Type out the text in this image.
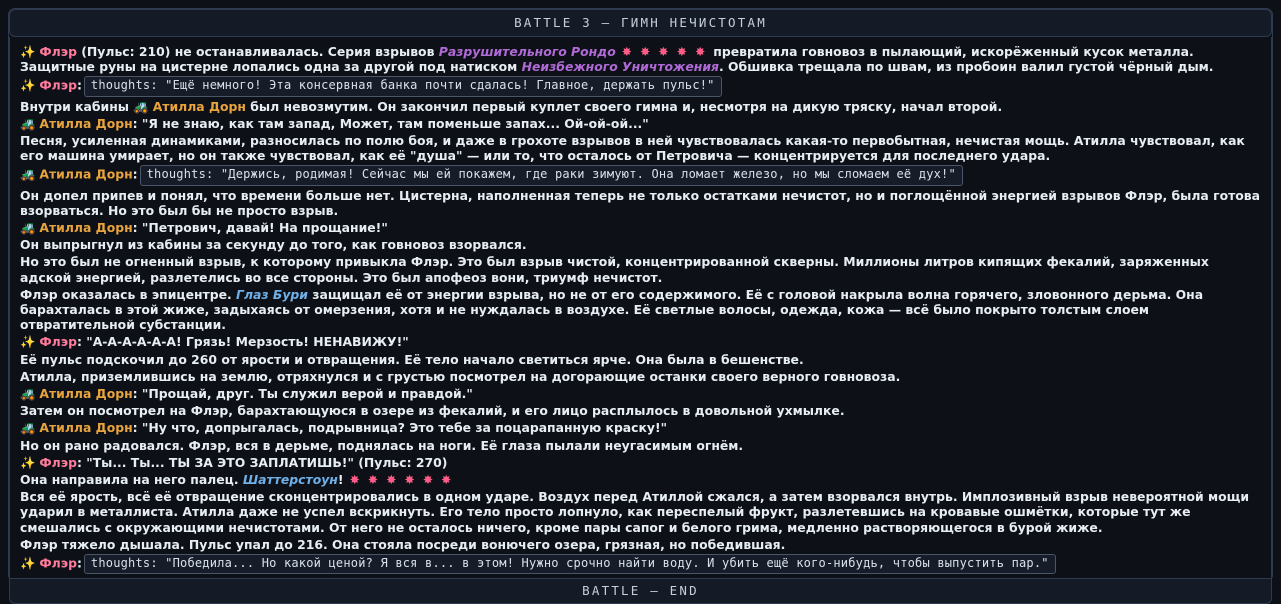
BATTLE 3 — ГИМН НЕЧИСТОТАМ
✨ Флэр (Пульс: 210) не останавливалась. Серия взрывов Разрушительного Рондо ✸ ✸ ✸ ✸ ✸ превратила говновоз в пылающий, искорёженный кусок металла. Защитные руны на цистерне лопались одна за другой под натиском Неизбежного Уничтожения. Обшивка трещала по швам, из пробоин валил густой чёрный дым.
✨ Флэр: thoughts: "Ещё немного! Эта консервная банка почти сдалась! Главное, держать пульс!"
Внутри кабины 🚜 Атилла Дорн был невозмутим. Он закончил первый куплет своего гимна и, несмотря на дикую тряску, начал второй.
🚜 Атилла Дорн: "Я не знаю, как там запад, Может, там поменьше запах... Ой-ой-ой..."
Песня, усиленная динамиками, разносилась по полю боя, и даже в грохоте взрывов в ней чувствовалась какая-то первобытная, нечистая мощь. Атилла чувствовал, как его машина умирает, но он также чувствовал, как её "душа" — или то, что осталось от Петровича — концентрируется для последнего удара.
🚜 Атилла Дорн: thoughts: "Держись, родимая! Сейчас мы ей покажем, где раки зимуют. Она ломает железо, но мы сломаем её дух!"
Он допел припев и понял, что времени больше нет. Цистерна, наполненная теперь не только остатками нечистот, но и поглощённой энергией взрывов Флэр, была готова взорваться. Но это был бы не просто взрыв.
🚜 Атилла Дорн: "Петрович, давай! На прощание!"
Он выпрыгнул из кабины за секунду до того, как говновоз взорвался.
Но это был не огненный взрыв, к которому привыкла Флэр. Это был взрыв чистой, концентрированной скверны. Миллионы литров кипящих фекалий, заряженных адской энергией, разлетелись во все стороны. Это был апофеоз вони, триумф нечистот.
Флэр оказалась в эпицентре. Глаз Бури защищал её от энергии взрыва, но не от его содержимого. Её с головой накрыла волна горячего, зловонного дерьма. Она барахталась в этой жиже, задыхаясь от омерзения, хотя и не нуждалась в воздухе. Её светлые волосы, одежда, кожа — всё было покрыто толстым слоем отвратительной субстанции.
✨ Флэр: "А-А-А-А-А-А! Грязь! Мерзость! НЕНАВИЖУ!"
Её пульс подскочил до 260 от ярости и отвращения. Её тело начало светиться ярче. Она была в бешенстве.
Атилла, приземлившись на землю, отряхнулся и с грустью посмотрел на догорающие останки своего верного говновоза.
🚜 Атилла Дорн: "Прощай, друг. Ты служил верой и правдой."
Затем он посмотрел на Флэр, барахтающуюся в озере из фекалий, и его лицо расплылось в довольной ухмылке.
🚜 Атилла Дорн: "Ну что, допрыгалась, подрывница? Это тебе за поцарапанную краску!"
Но он рано радовался. Флэр, вся в дерьме, поднялась на ноги. Её глаза пылали неугасимым огнём.
✨ Флэр: "Ты... Ты... ТЫ ЗА ЭТО ЗАПЛАТИШЬ!" (Пульс: 270)
Она направила на него палец. Шаттерстоун! ✸ ✸ ✸ ✸ ✸ ✸
Вся её ярость, всё её отвращение сконцентрировались в одном ударе. Воздух перед Атиллой сжался, а затем взорвался внутрь. Имплозивный взрыв невероятной мощи ударил в металлиста. Атилла даже не успел вскрикнуть. Его тело просто лопнуло, как переспелый фрукт, разлетевшись на кровавые ошмётки, которые тут же смешались с окружающими нечистотами. От него не осталось ничего, кроме пары сапог и белого грима, медленно растворяющегося в бурой жиже.
Флэр тяжело дышала. Пульс упал до 216. Она стояла посреди вонючего озера, грязная, но победившая.
✨ Флэр: thoughts: "Победила... Но какой ценой? Я вся в... в этом! Нужно срочно найти воду. И убить ещё кого-нибудь, чтобы выпустить пар."
BATTLE — END
